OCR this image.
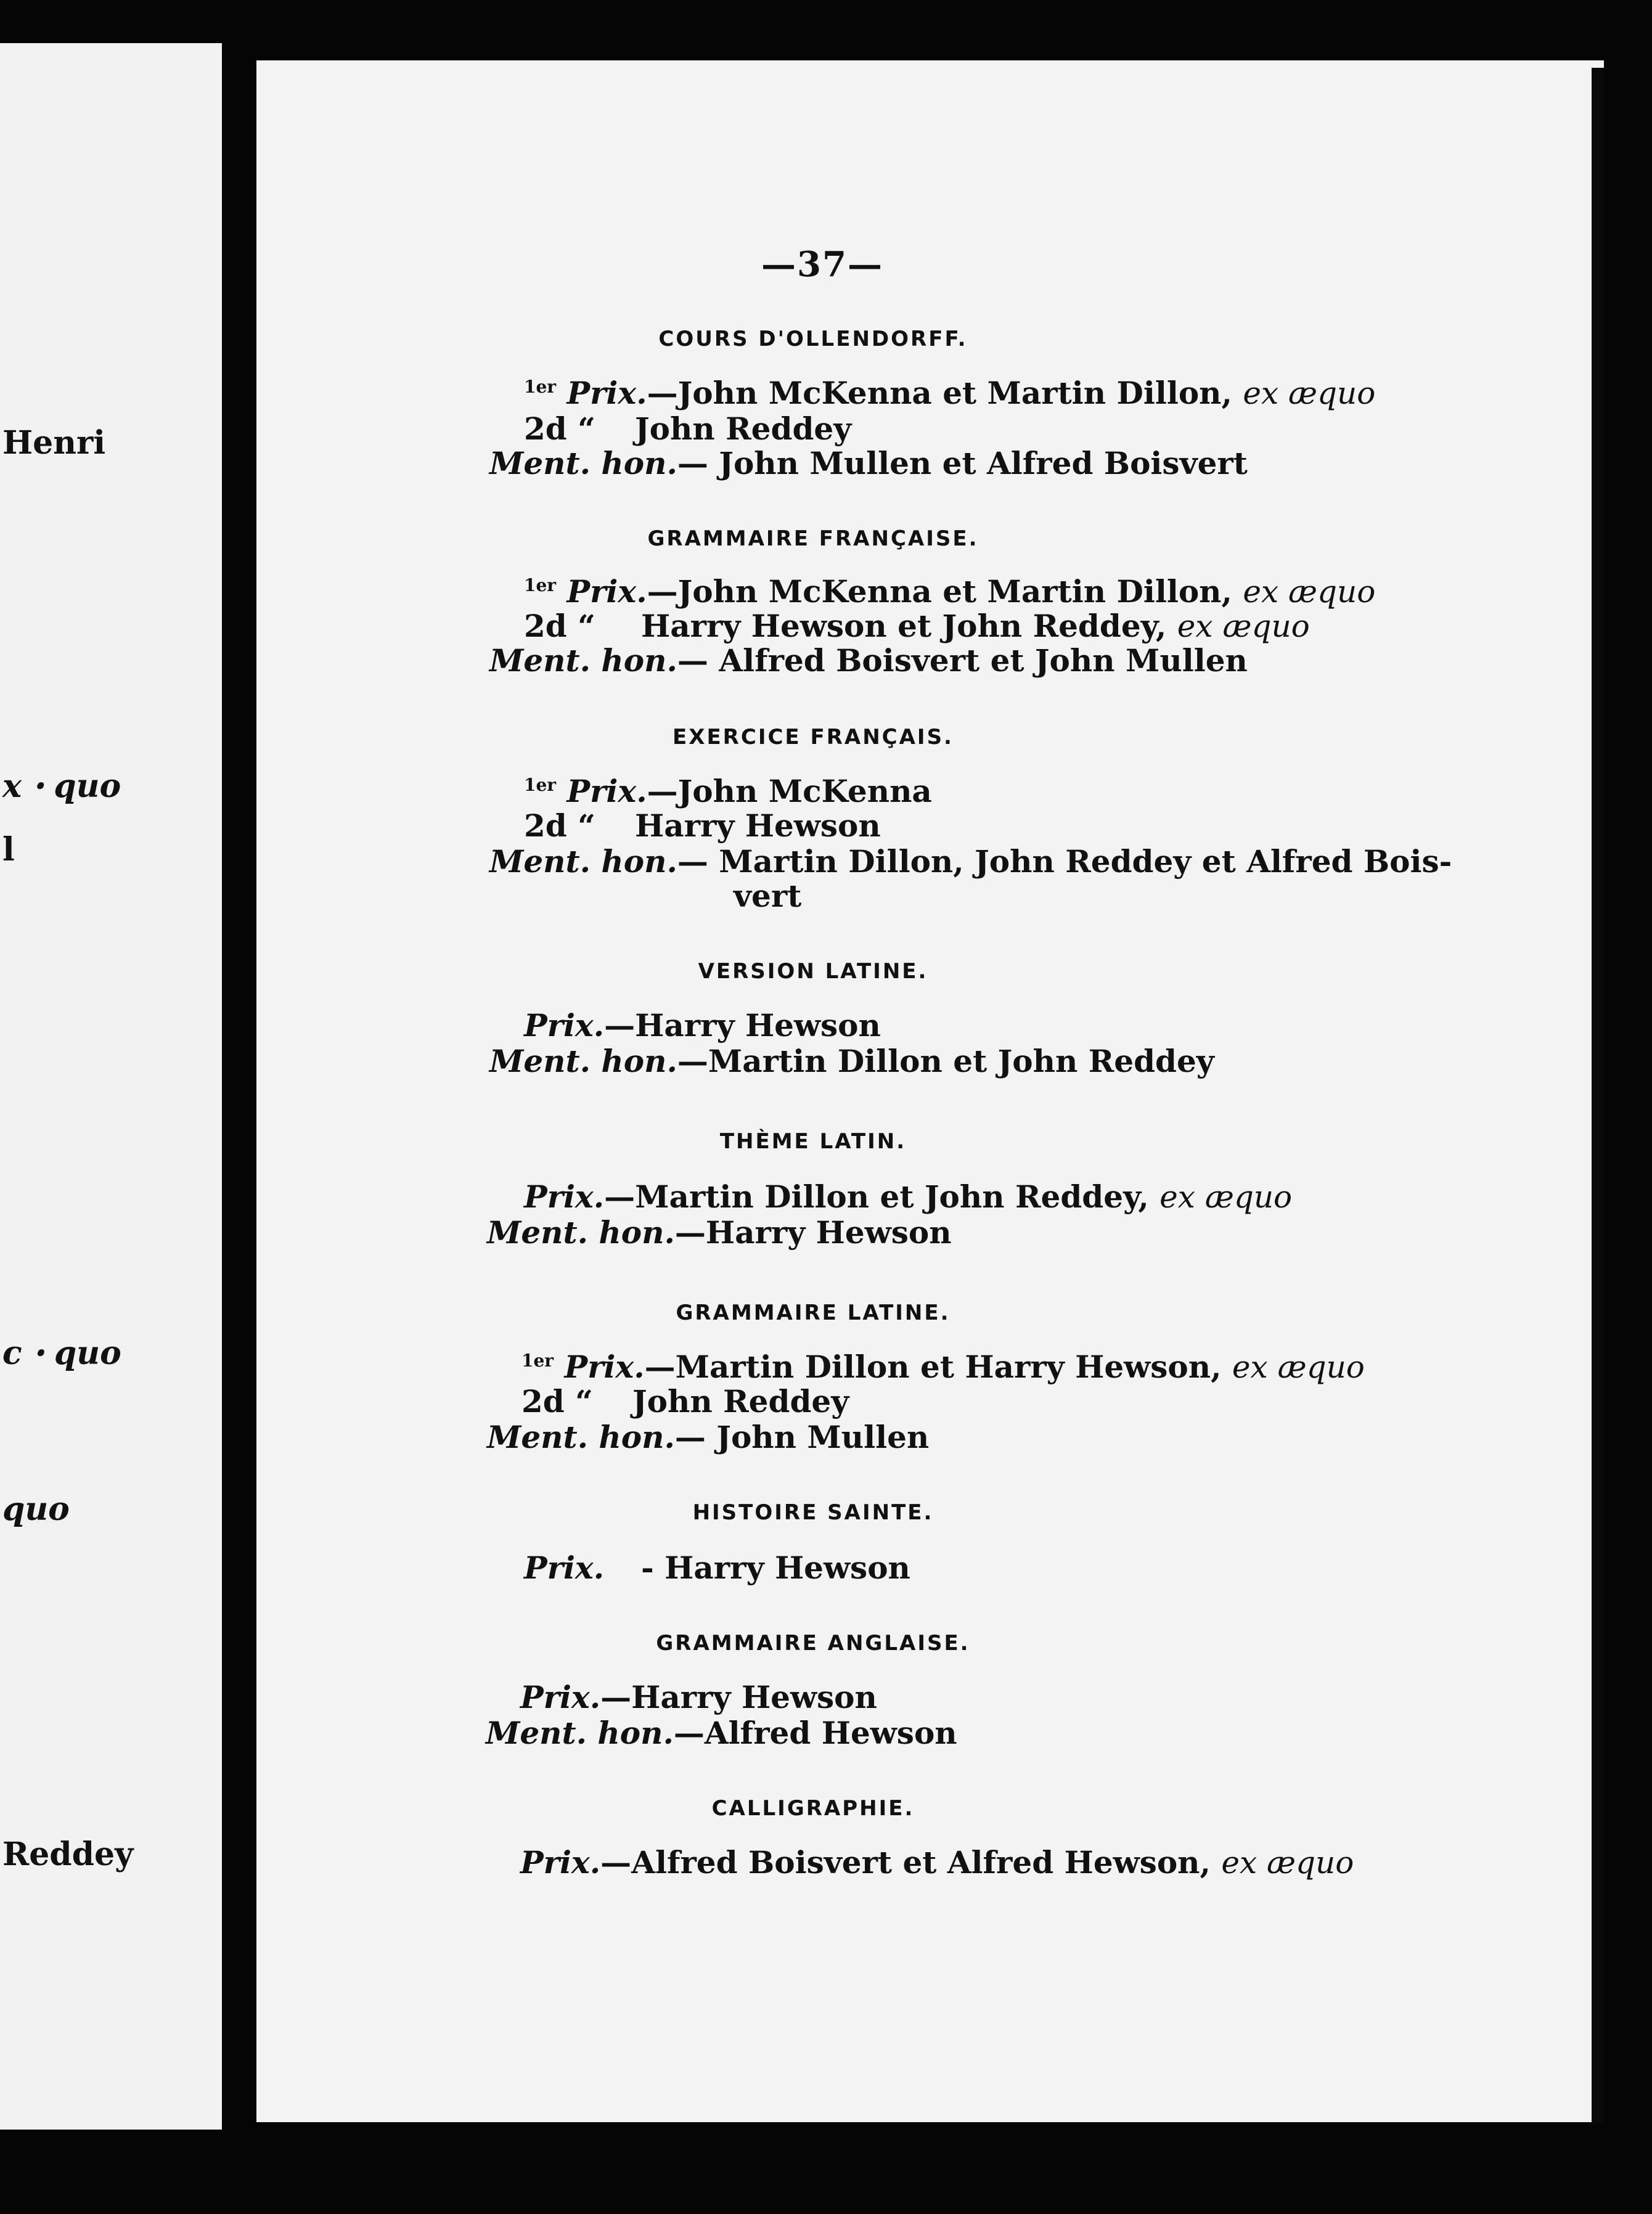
Henri
x ꞏ quo
l
c ꞏ quo
quo
Reddey
—37—
COURS D'OLLENDORFF.
$^{1er}$ Prix.—John McKenna et Martin Dillon, ex æquo
2d “ John Reddey
Ment. hon.— John Mullen et Alfred Boisvert
GRAMMAIRE FRANÇAISE.
$^{1er}$ Prix.—John McKenna et Martin Dillon, ex æquo
2d “ Harry Hewson et John Reddey, ex æquo
Ment. hon.— Alfred Boisvert et John Mullen
EXERCICE FRANÇAIS.
$^{1er}$ Prix.—John McKenna
2d “ Harry Hewson
Ment. hon.— Martin Dillon, John Reddey et Alfred Bois-
vert
VERSION LATINE.
Prix.—Harry Hewson
Ment. hon.—Martin Dillon et John Reddey
THÈME LATIN.
Prix.—Martin Dillon et John Reddey, ex æquo
Ment. hon.—Harry Hewson
GRAMMAIRE LATINE.
$^{1er}$ Prix.—Martin Dillon et Harry Hewson, ex æquo
2d “ John Reddey
Ment. hon.— John Mullen
HISTOIRE SAINTE.
Prix. - Harry Hewson
GRAMMAIRE ANGLAISE.
Prix.—Harry Hewson
Ment. hon.—Alfred Hewson
CALLIGRAPHIE.
Prix.—Alfred Boisvert et Alfred Hewson, ex æquo
